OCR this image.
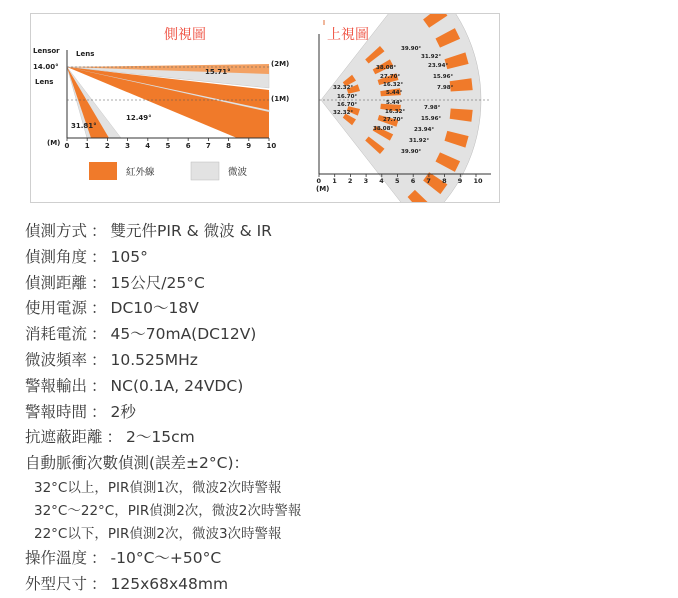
側視圖
Lensor
14.00°
Lens
Lens
15.71°
12.49°
31.81°
(2M)
(1M)
(M) 0 1 2 3 4 5 6 7 8 9 10
紅外線	微波
上視圖
39.90°
31.92°
23.94°
15.96°
7.98°
7.98°
15.96°
23.94°
31.92°
39.90°
38.08°
27.70°
16.32°
5.44°
5.44°
16.32°
27.70°
38.08°
32.32°
16.70°
16.70°
32.32°
0 1 2 3 4 5 6 7 8 9 10
(M)
偵測方式 ： 雙元件PIR & 微波 & IR
偵測角度 ： 105°
偵測距離 ： 15公尺/25°C
使用電源 ： DC10～18V
消耗電流 ： 45～70mA(DC12V)
微波頻率 ： 10.525MHz
警報輸出 ： NC(0.1A, 24VDC)
警報時間 ： 2秒
抗遮蔽距離 ： 2～15cm
自動脈衝次數偵測(誤差±2°C)：
32°C以上，PIR偵測1次，微波2次時警報
32°C～22°C，PIR偵測2次，微波2次時警報
22°C以下，PIR偵測2次，微波3次時警報
操作溫度 ： -10°C～+50°C
外型尺寸 ： 125x68x48mm
